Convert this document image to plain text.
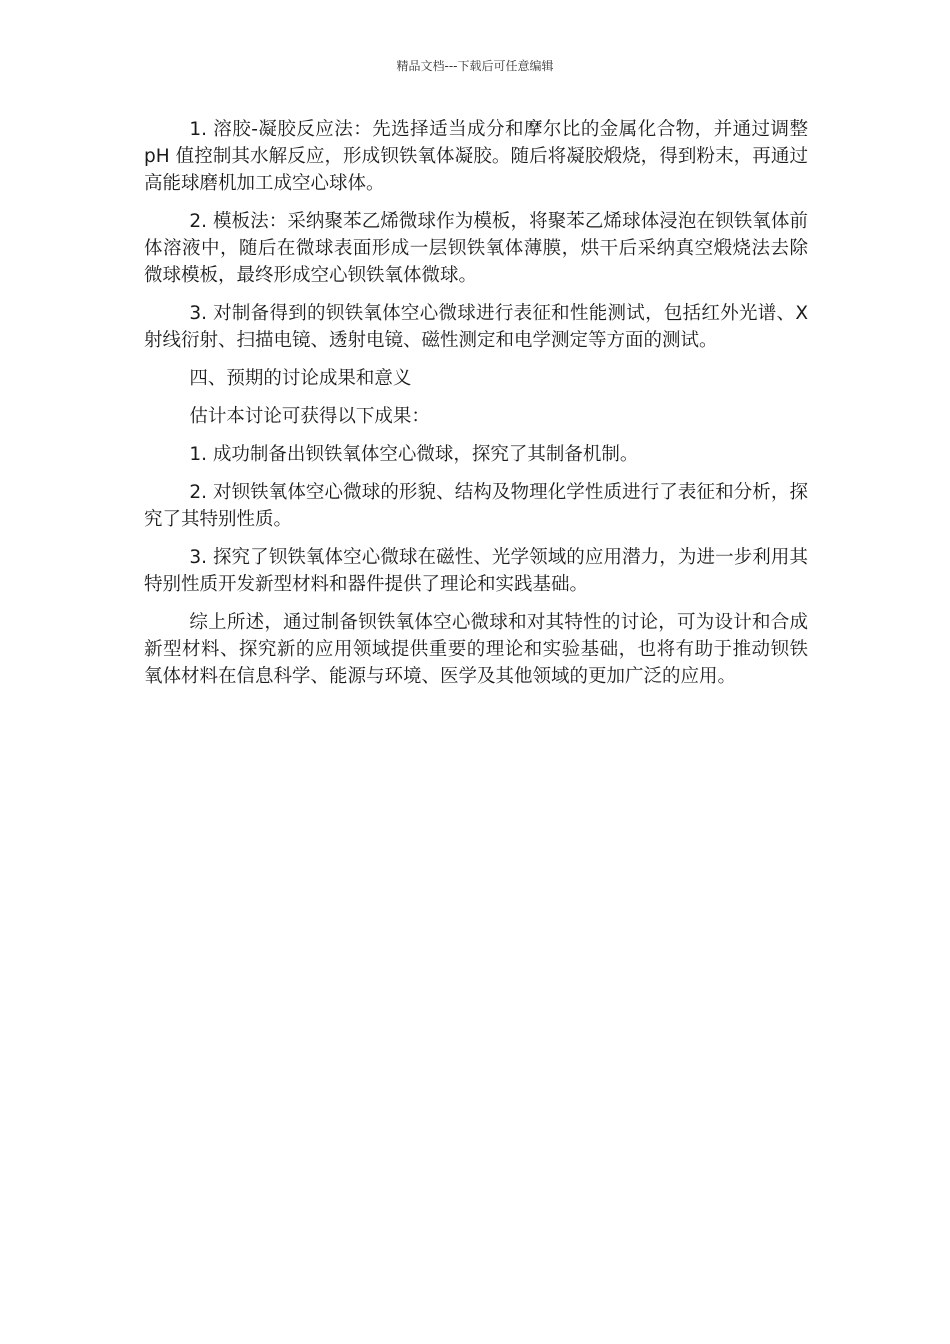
精品文档---下载后可任意编辑

1. 溶胶-凝胶反应法：先选择适当成分和摩尔比的金属化合物，并通过调整 pH 值控制其水解反应，形成钡铁氧体凝胶。随后将凝胶煅烧，得到粉末，再通过高能球磨机加工成空心球体。

2. 模板法：采纳聚苯乙烯微球作为模板，将聚苯乙烯球体浸泡在钡铁氧体前体溶液中，随后在微球表面形成一层钡铁氧体薄膜，烘干后采纳真空煅烧法去除微球模板，最终形成空心钡铁氧体微球。

3. 对制备得到的钡铁氧体空心微球进行表征和性能测试，包括红外光谱、X 射线衍射、扫描电镜、透射电镜、磁性测定和电学测定等方面的测试。

四、预期的讨论成果和意义

估计本讨论可获得以下成果：

1. 成功制备出钡铁氧体空心微球，探究了其制备机制。

2. 对钡铁氧体空心微球的形貌、结构及物理化学性质进行了表征和分析，探究了其特别性质。

3. 探究了钡铁氧体空心微球在磁性、光学领域的应用潜力，为进一步利用其特别性质开发新型材料和器件提供了理论和实践基础。

综上所述，通过制备钡铁氧体空心微球和对其特性的讨论，可为设计和合成新型材料、探究新的应用领域提供重要的理论和实验基础，也将有助于推动钡铁氧体材料在信息科学、能源与环境、医学及其他领域的更加广泛的应用。
